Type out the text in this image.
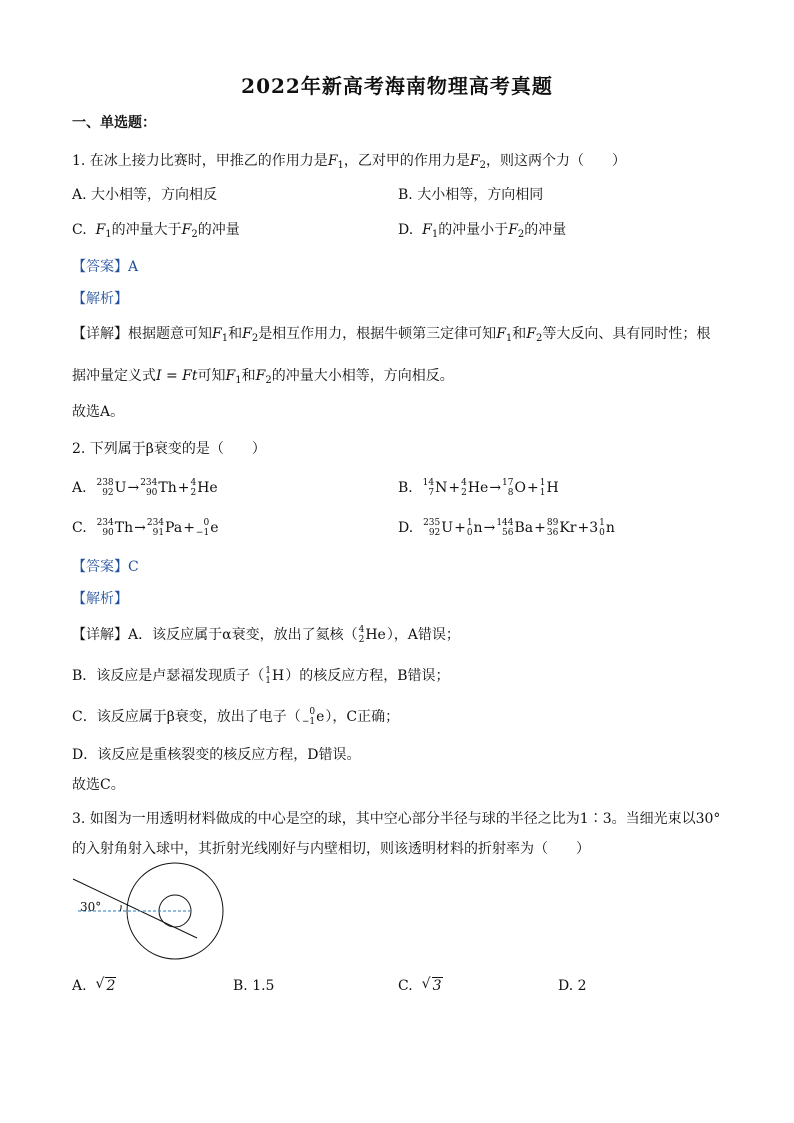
2022年新高考海南物理高考真题
一、单选题：
1. 在冰上接力比赛时，甲推乙的作用力是$F_1$，乙对甲的作用力是$F_2$，则这两个力（　　）
A. 大小相等，方向相反	B. 大小相等，方向相同
C. $F_1$的冲量大于$F_2$的冲量	D. $F_1$的冲量小于$F_2$的冲量
【答案】A
【解析】
【详解】根据题意可知$F_1$和$F_2$是相互作用力，根据牛顿第三定律可知$F_1$和$F_2$等大反向、具有同时性；根
据冲量定义式I = Ft可知$F_1$和$F_2$的冲量大小相等，方向相反。
故选A。
2. 下列属于β衰变的是（　　）
A. 238
92 U → 234
90 Th + 4
2 He	B. 14
7 N + 4
2 He → 17
8 O + 1
1 H
C. 234
90 Th → 234
91 Pa + 0
−1 e	D. 235
92 U + 1
0 n → 144
56 Ba + 89
36 Kr +3 1
0 n
【答案】C
【解析】
【详解】A．该反应属于α衰变，放出了氦核（ 4
2 He ），A错误；
B．该反应是卢瑟福发现质子（ 1
1 H ）的核反应方程，B错误；
C．该反应属于β衰变，放出了电子（ 0
−1 e ），C正确；
D．该反应是重核裂变的核反应方程，D错误。
故选C。
3. 如图为一用透明材料做成的中心是空的球，其中空心部分半径与球的半径之比为1∶3。当细光束以30°
的入射角射入球中，其折射光线刚好与内壁相切，则该透明材料的折射率为（　　）
30°
A. √ 2	B. 1.5	C. √ 3	D. 2
